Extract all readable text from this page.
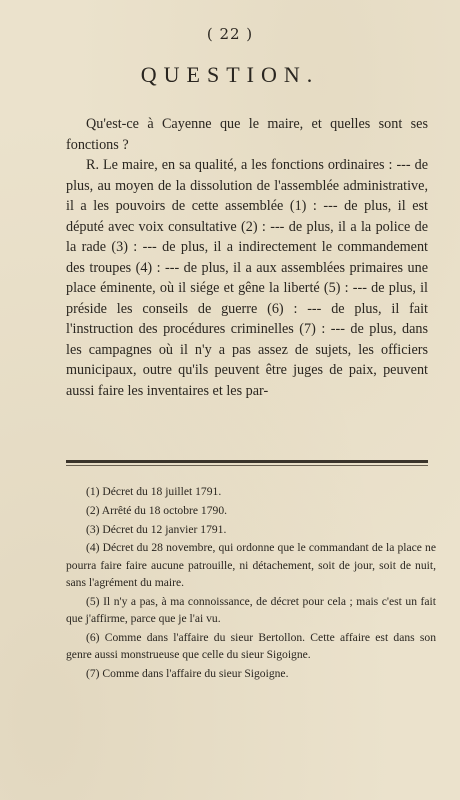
( 22 )
QUESTION.

Qu'est-ce à Cayenne que le maire, et quelles sont ses fonctions ?

R. Le maire, en sa qualité, a les fonctions ordinaires : --- de plus, au moyen de la dissolution de l'assemblée administrative, il a les pouvoirs de cette assemblée (1) : --- de plus, il est député avec voix consultative (2) : --- de plus, il a la police de la rade (3) : --- de plus, il a indirectement le commandement des troupes (4) : --- de plus, il a aux assemblées primaires une place éminente, où il siége et gêne la liberté (5) : --- de plus, il préside les conseils de guerre (6) : --- de plus, il fait l'instruction des procédures criminelles (7) : --- de plus, dans les campagnes où il n'y a pas assez de sujets, les officiers municipaux, outre qu'ils peuvent être juges de paix, peuvent aussi faire les inventaires et les par-

(1) Décret du 18 juillet 1791.

(2) Arrêté du 18 octobre 1790.

(3) Décret du 12 janvier 1791.

(4) Décret du 28 novembre, qui ordonne que le commandant de la place ne pourra faire faire aucune patrouille, ni détachement, soit de jour, soit de nuit, sans l'agrément du maire.

(5) Il n'y a pas, à ma connoissance, de décret pour cela ; mais c'est un fait que j'affirme, parce que je l'ai vu.

(6) Comme dans l'affaire du sieur Bertollon. Cette affaire est dans son genre aussi monstrueuse que celle du sieur Sigoigne.

(7) Comme dans l'affaire du sieur Sigoigne.
